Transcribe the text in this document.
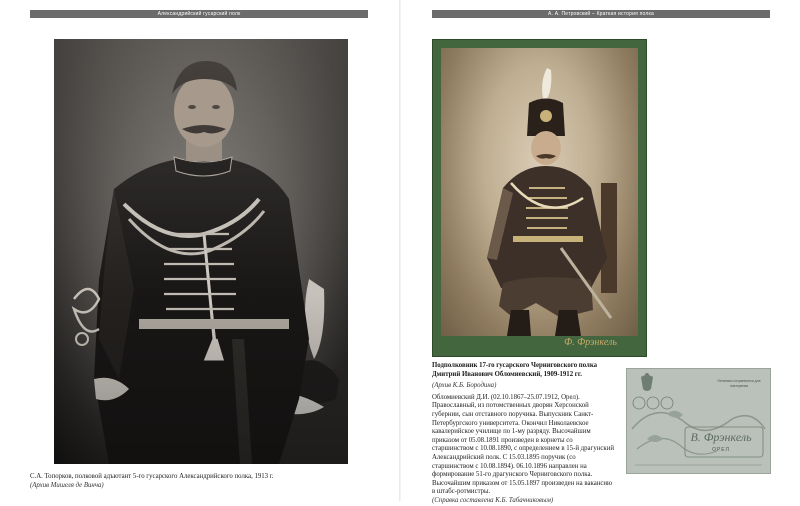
Александрийский гусарский полк	А. А. Петровский – Краткая история полка
Ф. Фрэнкель
С.А. Топорков, полковой адъютант 5-го гусарского Александрийского полка, 1913 г.
(Архив Мишеля де Винча)
Подполковник 17-го гусарского Черниговского полка Дмитрий Иванович Обломиевский, 1909-1912 гг.
(Архив К.Б. Бородина)
Обломиевский Д.И. (02.10.1867–25.07.1912, Орел). Православный, из потомственных дворян Херсонской губернии, сын отставного поручика. Выпускник Санкт-Петербургского университета. Окончил Николаевское кавалерийское училище по 1-му разряду. Высочайшим приказом от 05.08.1891 произведен в корнеты со старшинством с 10.08.1890, с определением в 15-й драгунский Александрийский полк. С 15.03.1895 поручик (со старшинством с 10.08.1894). 06.10.1896 направлен на формирование 51-го драгунского Черниговского полка. Высочайшим приказом от 15.05.1897 произведен на вакансию в штабс-ротмистры.
(Справка составлена К.Б. Табачниковым)
Негативы сохраняются для повторения
В. Фрэнкель
ОРЕЛ
